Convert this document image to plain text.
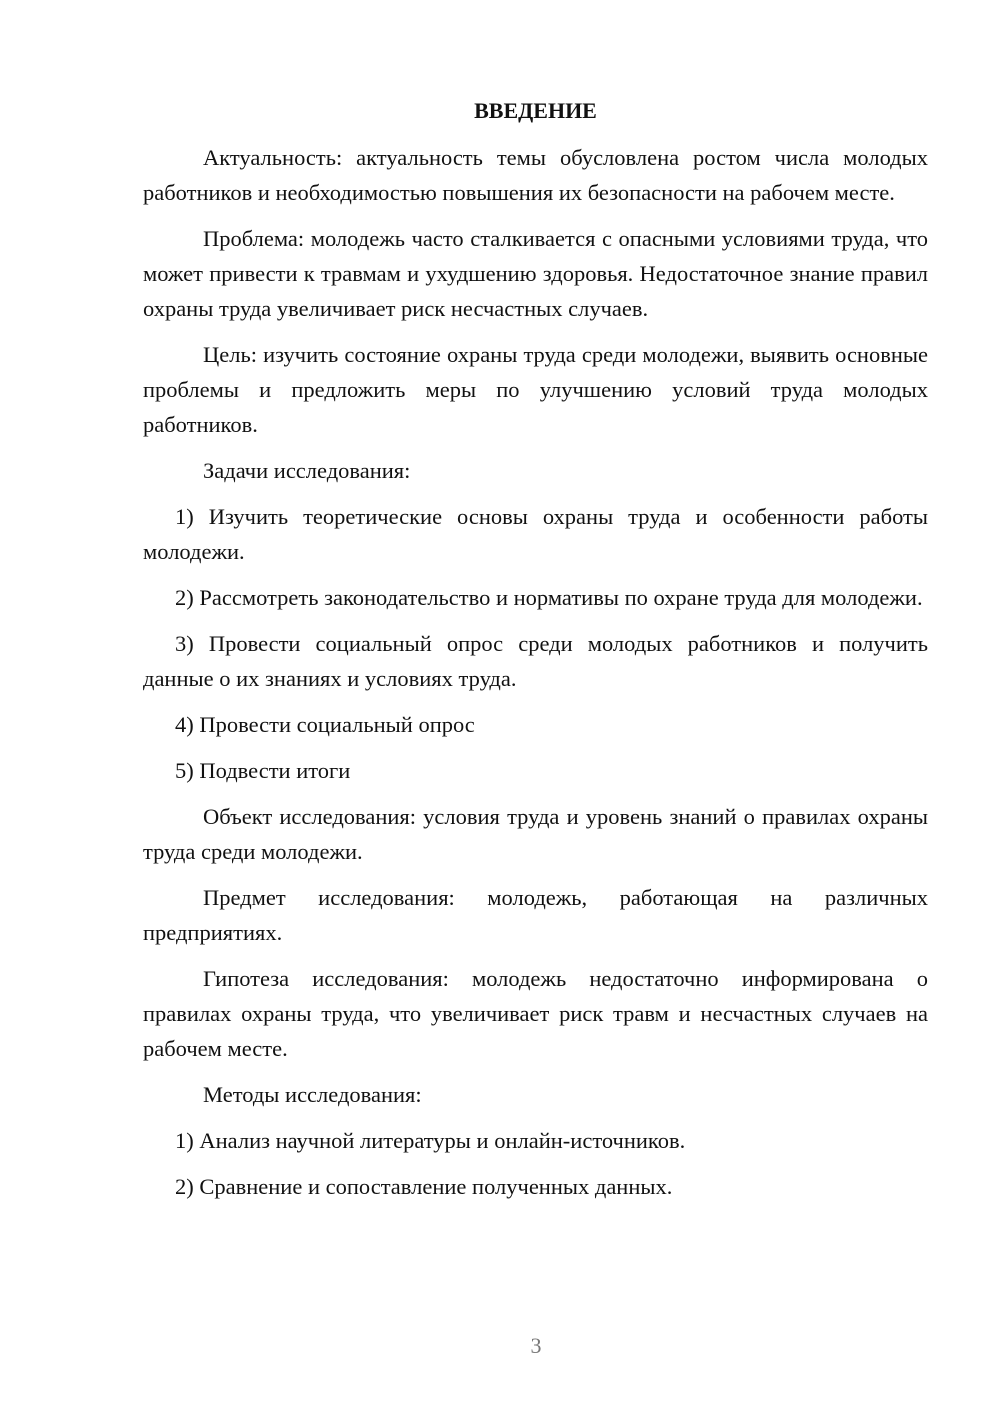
ВВЕДЕНИЕ

Актуальность: актуальность темы обусловлена ростом числа молодых работников и необходимостью повышения их безопасности на рабочем месте.

Проблема: молодежь часто сталкивается с опасными условиями труда, что может привести к травмам и ухудшению здоровья. Недостаточное знание правил охраны труда увеличивает риск несчастных случаев.

Цель: изучить состояние охраны труда среди молодежи, выявить основные проблемы и предложить меры по улучшению условий труда молодых работников.

Задачи исследования:

1) Изучить теоретические основы охраны труда и особенности работы молодежи.

2) Рассмотреть законодательство и нормативы по охране труда для молодежи.

3) Провести социальный опрос среди молодых работников и получить данные о их знаниях и условиях труда.

4) Провести социальный опрос

5) Подвести итоги

Объект исследования: условия труда и уровень знаний о правилах охраны труда среди молодежи.

Предмет исследования: молодежь, работающая на различных предприятиях.

Гипотеза исследования: молодежь недостаточно информирована о правилах охраны труда, что увеличивает риск травм и несчастных случаев на рабочем месте.

Методы исследования:

1) Анализ научной литературы и онлайн-источников.

2) Сравнение и сопоставление полученных данных.

3
